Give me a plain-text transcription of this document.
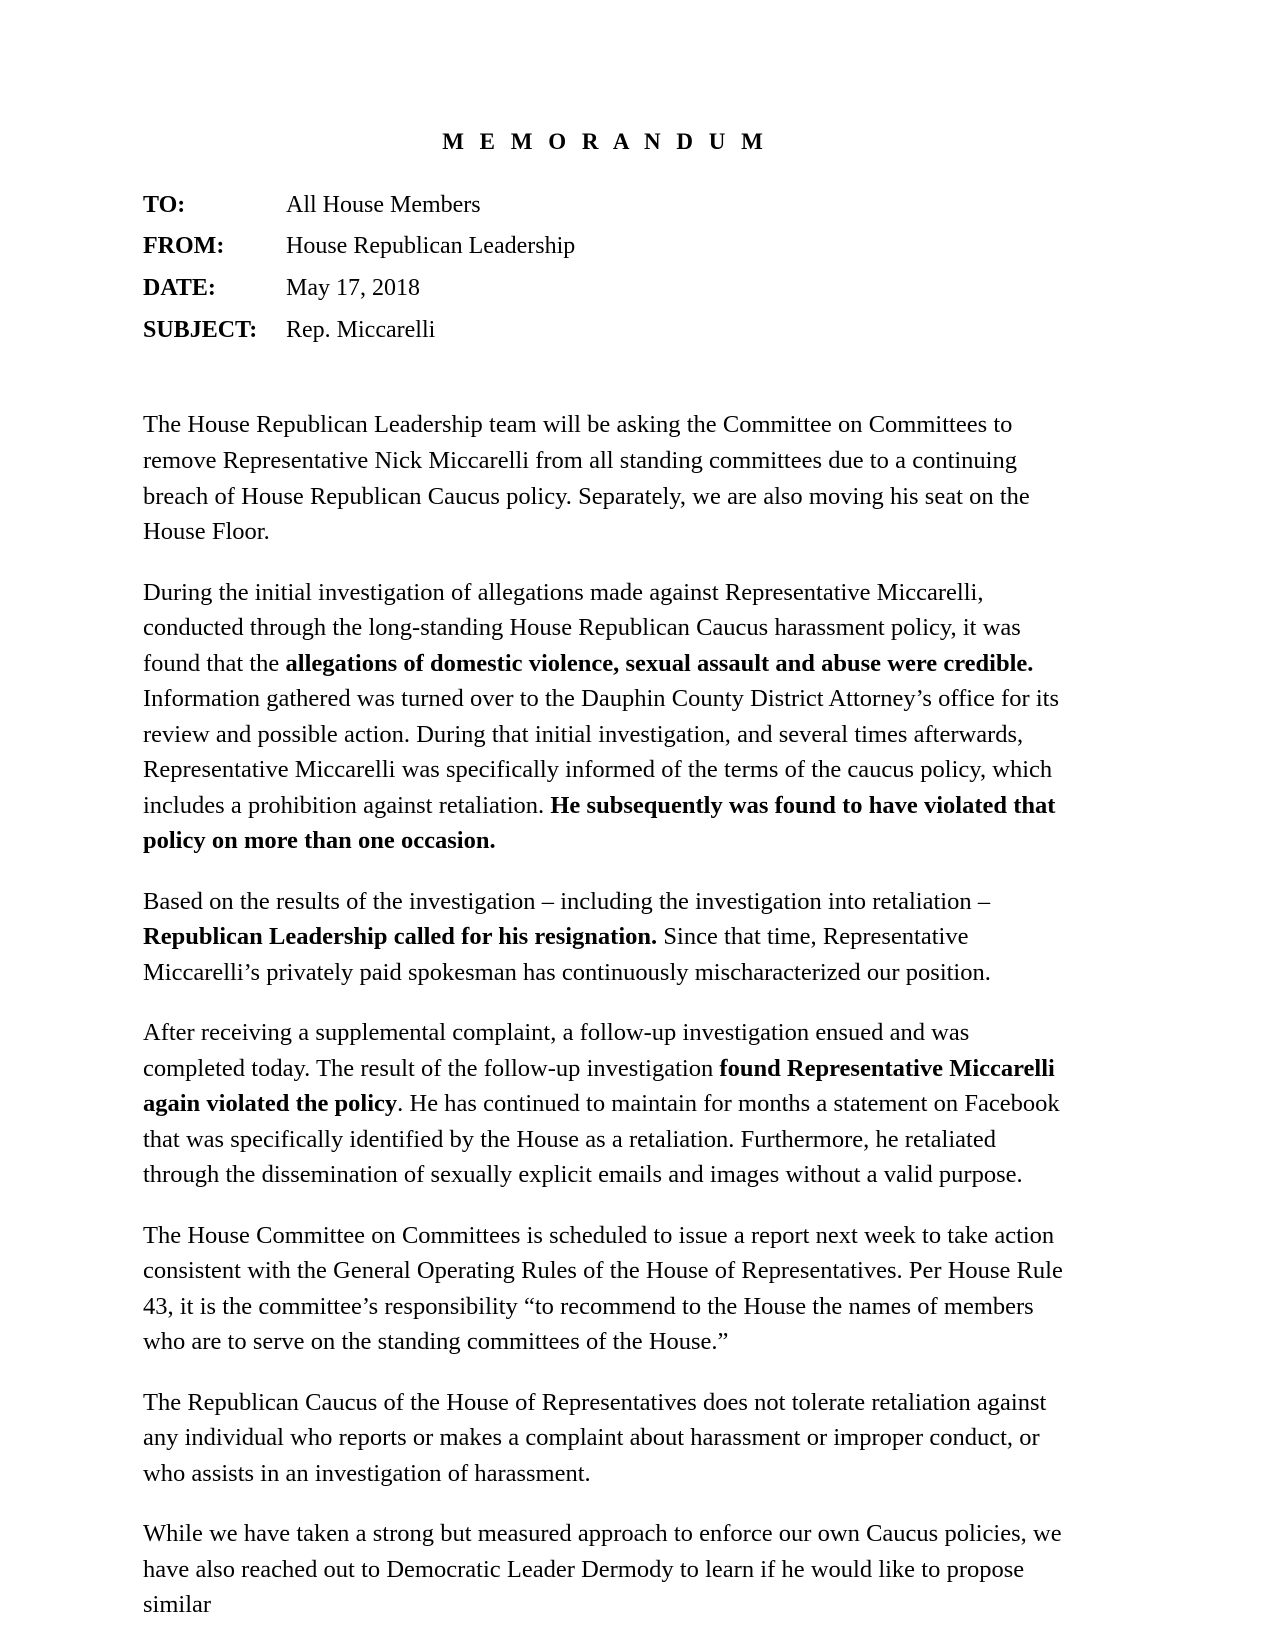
M E M O R A N D U M
TO:	All House Members
FROM:	House Republican Leadership
DATE:	May 17, 2018
SUBJECT:	Rep. Miccarelli

The House Republican Leadership team will be asking the Committee on Committees to remove Representative Nick Miccarelli from all standing committees due to a continuing breach of House Republican Caucus policy. Separately, we are also moving his seat on the House Floor.

During the initial investigation of allegations made against Representative Miccarelli, conducted through the long-standing House Republican Caucus harassment policy, it was found that the allegations of domestic violence, sexual assault and abuse were credible. Information gathered was turned over to the Dauphin County District Attorney’s office for its review and possible action. During that initial investigation, and several times afterwards, Representative Miccarelli was specifically informed of the terms of the caucus policy, which includes a prohibition against retaliation. He subsequently was found to have violated that policy on more than one occasion.

Based on the results of the investigation – including the investigation into retaliation – Republican Leadership called for his resignation. Since that time, Representative Miccarelli’s privately paid spokesman has continuously mischaracterized our position.

After receiving a supplemental complaint, a follow-up investigation ensued and was completed today. The result of the follow-up investigation found Representative Miccarelli again violated the policy. He has continued to maintain for months a statement on Facebook that was specifically identified by the House as a retaliation. Furthermore, he retaliated through the dissemination of sexually explicit emails and images without a valid purpose.

The House Committee on Committees is scheduled to issue a report next week to take action consistent with the General Operating Rules of the House of Representatives. Per House Rule 43, it is the committee’s responsibility “to recommend to the House the names of members who are to serve on the standing committees of the House.”

The Republican Caucus of the House of Representatives does not tolerate retaliation against any individual who reports or makes a complaint about harassment or improper conduct, or who assists in an investigation of harassment.

While we have taken a strong but measured approach to enforce our own Caucus policies, we have also reached out to Democratic Leader Dermody to learn if he would like to propose similar
